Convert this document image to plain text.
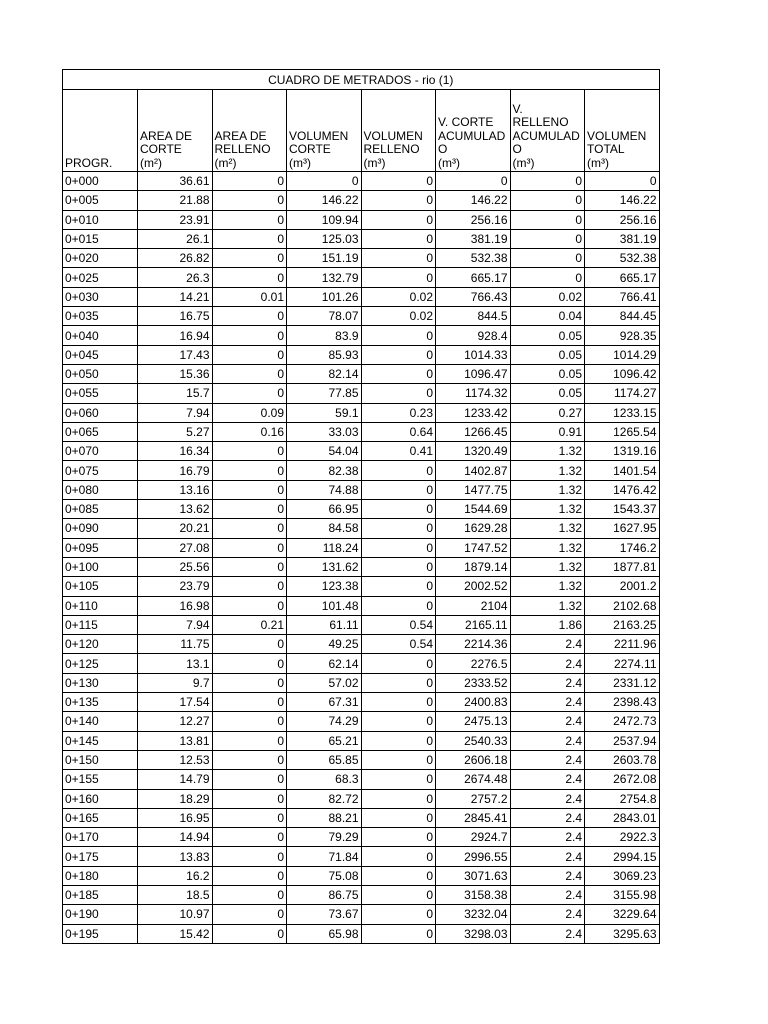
CUADRO DE METRADOS - rio (1)							
PROGR.	AREA DE
CORTE
(m²)	AREA DE
RELLENO
(m²)	VOLUMEN
CORTE
(m³)	VOLUMEN
RELLENO
(m³)	V. CORTE
ACUMULAD
O
(m³)	V. RELLENO
ACUMULAD
O
(m³)	VOLUMEN
TOTAL
(m³)
0+000	36.61	0	0	0	0	0	0
0+005	21.88	0	146.22	0	146.22	0	146.22
0+010	23.91	0	109.94	0	256.16	0	256.16
0+015	26.1	0	125.03	0	381.19	0	381.19
0+020	26.82	0	151.19	0	532.38	0	532.38
0+025	26.3	0	132.79	0	665.17	0	665.17
0+030	14.21	0.01	101.26	0.02	766.43	0.02	766.41
0+035	16.75	0	78.07	0.02	844.5	0.04	844.45
0+040	16.94	0	83.9	0	928.4	0.05	928.35
0+045	17.43	0	85.93	0	1014.33	0.05	1014.29
0+050	15.36	0	82.14	0	1096.47	0.05	1096.42
0+055	15.7	0	77.85	0	1174.32	0.05	1174.27
0+060	7.94	0.09	59.1	0.23	1233.42	0.27	1233.15
0+065	5.27	0.16	33.03	0.64	1266.45	0.91	1265.54
0+070	16.34	0	54.04	0.41	1320.49	1.32	1319.16
0+075	16.79	0	82.38	0	1402.87	1.32	1401.54
0+080	13.16	0	74.88	0	1477.75	1.32	1476.42
0+085	13.62	0	66.95	0	1544.69	1.32	1543.37
0+090	20.21	0	84.58	0	1629.28	1.32	1627.95
0+095	27.08	0	118.24	0	1747.52	1.32	1746.2
0+100	25.56	0	131.62	0	1879.14	1.32	1877.81
0+105	23.79	0	123.38	0	2002.52	1.32	2001.2
0+110	16.98	0	101.48	0	2104	1.32	2102.68
0+115	7.94	0.21	61.11	0.54	2165.11	1.86	2163.25
0+120	11.75	0	49.25	0.54	2214.36	2.4	2211.96
0+125	13.1	0	62.14	0	2276.5	2.4	2274.11
0+130	9.7	0	57.02	0	2333.52	2.4	2331.12
0+135	17.54	0	67.31	0	2400.83	2.4	2398.43
0+140	12.27	0	74.29	0	2475.13	2.4	2472.73
0+145	13.81	0	65.21	0	2540.33	2.4	2537.94
0+150	12.53	0	65.85	0	2606.18	2.4	2603.78
0+155	14.79	0	68.3	0	2674.48	2.4	2672.08
0+160	18.29	0	82.72	0	2757.2	2.4	2754.8
0+165	16.95	0	88.21	0	2845.41	2.4	2843.01
0+170	14.94	0	79.29	0	2924.7	2.4	2922.3
0+175	13.83	0	71.84	0	2996.55	2.4	2994.15
0+180	16.2	0	75.08	0	3071.63	2.4	3069.23
0+185	18.5	0	86.75	0	3158.38	2.4	3155.98
0+190	10.97	0	73.67	0	3232.04	2.4	3229.64
0+195	15.42	0	65.98	0	3298.03	2.4	3295.63
